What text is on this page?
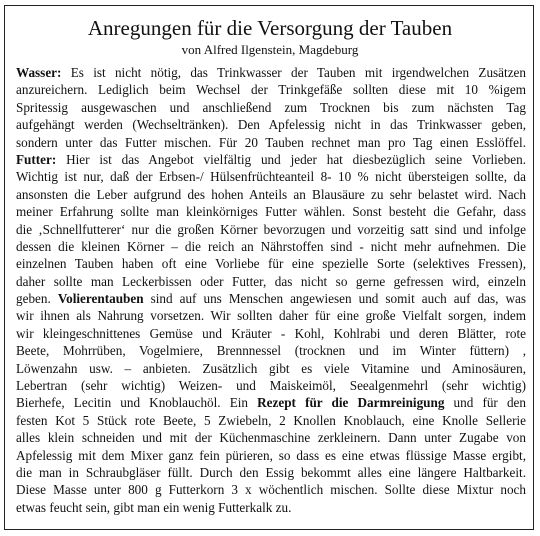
Anregungen für die Versorgung der Tauben
von Alfred Ilgenstein, Magdeburg
Wasser: Es ist nicht nötig, das Trinkwasser der Tauben mit irgendwelchen Zusätzen
anzureichern. Lediglich beim Wechsel der Trinkgefäße sollten diese mit 10 %igem
Spritessig ausgewaschen und anschließend zum Trocknen bis zum nächsten Tag
aufgehängt werden (Wechseltränken). Den Apfelessig nicht in das Trinkwasser geben,
sondern unter das Futter mischen. Für 20 Tauben rechnet man pro Tag einen Esslöffel.
Futter: Hier ist das Angebot vielfältig und jeder hat diesbezüglich seine Vorlieben.
Wichtig ist nur, daß der Erbsen-/ Hülsenfrüchteanteil 8- 10 % nicht übersteigen sollte, da
ansonsten die Leber aufgrund des hohen Anteils an Blausäure zu sehr belastet wird. Nach
meiner Erfahrung sollte man kleinkörniges Futter wählen. Sonst besteht die Gefahr, dass
die ‚Schnellfutterer‘ nur die großen Körner bevorzugen und vorzeitig satt sind und infolge
dessen die kleinen Körner – die reich an Nährstoffen sind - nicht mehr aufnehmen. Die
einzelnen Tauben haben oft eine Vorliebe für eine spezielle Sorte (selektives Fressen),
daher sollte man Leckerbissen oder Futter, das nicht so gerne gefressen wird, einzeln
geben. Volierentauben sind auf uns Menschen angewiesen und somit auch auf das, was
wir ihnen als Nahrung vorsetzen. Wir sollten daher für eine große Vielfalt sorgen, indem
wir kleingeschnittenes Gemüse und Kräuter - Kohl, Kohlrabi und deren Blätter, rote
Beete, Mohrrüben, Vogelmiere, Brennnessel (trocknen und im Winter füttern) ,
Löwenzahn usw. – anbieten. Zusätzlich gibt es viele Vitamine und Aminosäuren,
Lebertran (sehr wichtig) Weizen- und Maiskeimöl, Seealgenmehrl (sehr wichtig)
Bierhefe, Lecitin und Knoblauchöl. Ein Rezept für die Darmreinigung und für den
festen Kot 5 Stück rote Beete, 5 Zwiebeln, 2 Knollen Knoblauch, eine Knolle Sellerie
alles klein schneiden und mit der Küchenmaschine zerkleinern. Dann unter Zugabe von
Apfelessig mit dem Mixer ganz fein pürieren, so dass es eine etwas flüssige Masse ergibt,
die man in Schraubgläser füllt. Durch den Essig bekommt alles eine längere Haltbarkeit.
Diese Masse unter 800 g Futterkorn 3 x wöchentlich mischen. Sollte diese Mixtur noch
etwas feucht sein, gibt man ein wenig Futterkalk zu.
